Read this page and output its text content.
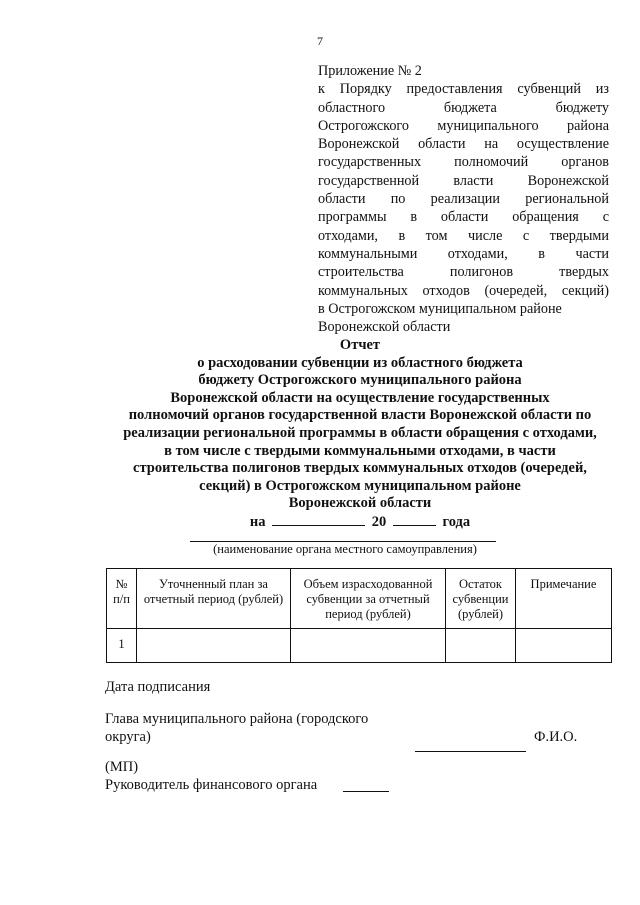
7
Приложение № 2
к Порядку предоставления субвенций из
областного бюджета бюджету
Острогожского муниципального района
Воронежской области на осуществление
государственных полномочий органов
государственной власти Воронежской
области по реализации региональной
программы в области обращения с
отходами, в том числе с твердыми
коммунальными отходами, в части
строительства полигонов твердых
коммунальных отходов (очередей, секций)
в Острогожском муниципальном районе
Воронежской области
Отчет
о расходовании субвенции из областного бюджета
бюджету Острогожского муниципального района
Воронежской области на осуществление государственных
полномочий органов государственной власти Воронежской области по
реализации региональной программы в области обращения с отходами,
в том числе с твердыми коммунальными отходами, в части
строительства полигонов твердых коммунальных отходов (очередей,
секций) в Острогожском муниципальном районе
Воронежской области
на	20	года
(наименование органа местного самоуправления)
№ п/п	Уточненный план за отчетный период (рублей)	Объем израсходованной субвенции за отчетный период (рублей)	Остаток субвенции (рублей)	Примечание
1				
Дата подписания
Глава муниципального района (городского
округа)	Ф.И.О.
(МП)
Руководитель финансового органа
